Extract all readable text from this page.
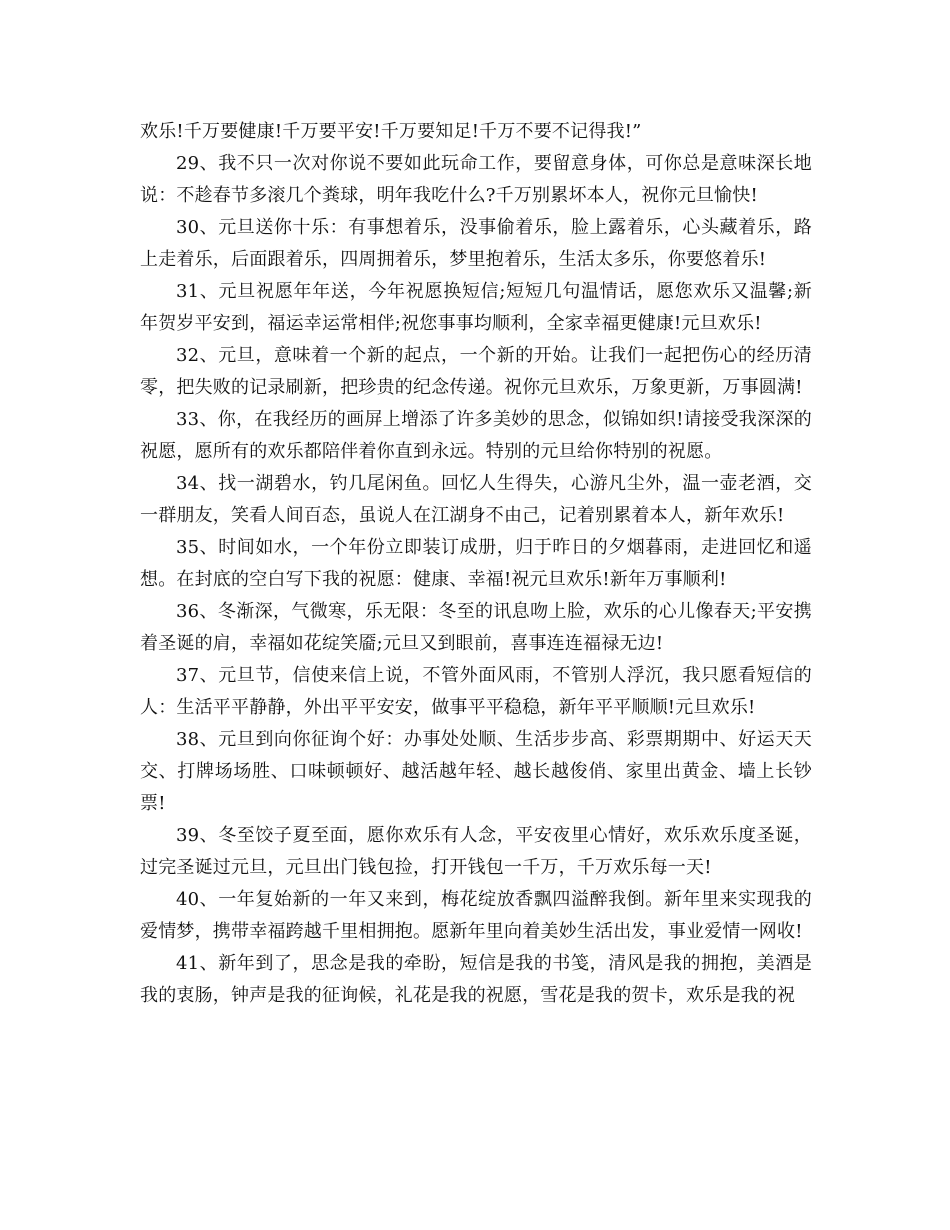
欢乐!千万要健康!千万要平安!千万要知足!千万不要不记得我!”

29、我不只一次对你说不要如此玩命工作，要留意身体，可你总是意味深长地说：不趁春节多滚几个粪球，明年我吃什么?千万别累坏本人，祝你元旦愉快!

30、元旦送你十乐：有事想着乐，没事偷着乐，脸上露着乐，心头藏着乐，路上走着乐，后面跟着乐，四周拥着乐，梦里抱着乐，生活太多乐，你要悠着乐!

31、元旦祝愿年年送，今年祝愿换短信;短短几句温情话，愿您欢乐又温馨;新年贺岁平安到，福运幸运常相伴;祝您事事均顺利，全家幸福更健康!元旦欢乐!

32、元旦，意味着一个新的起点，一个新的开始。让我们一起把伤心的经历清零，把失败的记录刷新，把珍贵的纪念传递。祝你元旦欢乐，万象更新，万事圆满!

33、你，在我经历的画屏上增添了许多美妙的思念，似锦如织!请接受我深深的祝愿，愿所有的欢乐都陪伴着你直到永远。特别的元旦给你特别的祝愿。

34、找一湖碧水，钓几尾闲鱼。回忆人生得失，心游凡尘外，温一壶老酒，交一群朋友，笑看人间百态，虽说人在江湖身不由己，记着别累着本人，新年欢乐!

35、时间如水，一个年份立即装订成册，归于昨日的夕烟暮雨，走进回忆和遥想。在封底的空白写下我的祝愿：健康、幸福!祝元旦欢乐!新年万事顺利!

36、冬渐深，气微寒，乐无限：冬至的讯息吻上脸，欢乐的心儿像春天;平安携着圣诞的肩，幸福如花绽笑靥;元旦又到眼前，喜事连连福禄无边!

37、元旦节，信使来信上说，不管外面风雨，不管别人浮沉，我只愿看短信的人：生活平平静静，外出平平安安，做事平平稳稳，新年平平顺顺!元旦欢乐!

38、元旦到向你征询个好：办事处处顺、生活步步高、彩票期期中、好运天天交、打牌场场胜、口味顿顿好、越活越年轻、越长越俊俏、家里出黄金、墙上长钞票!

39、冬至饺子夏至面，愿你欢乐有人念，平安夜里心情好，欢乐欢乐度圣诞，过完圣诞过元旦，元旦出门钱包捡，打开钱包一千万，千万欢乐每一天!

40、一年复始新的一年又来到，梅花绽放香飘四溢醉我倒。新年里来实现我的爱情梦，携带幸福跨越千里相拥抱。愿新年里向着美妙生活出发，事业爱情一网收!

41、新年到了，思念是我的牵盼，短信是我的书笺，清风是我的拥抱，美酒是我的衷肠，钟声是我的征询候，礼花是我的祝愿，雪花是我的贺卡，欢乐是我的祝
